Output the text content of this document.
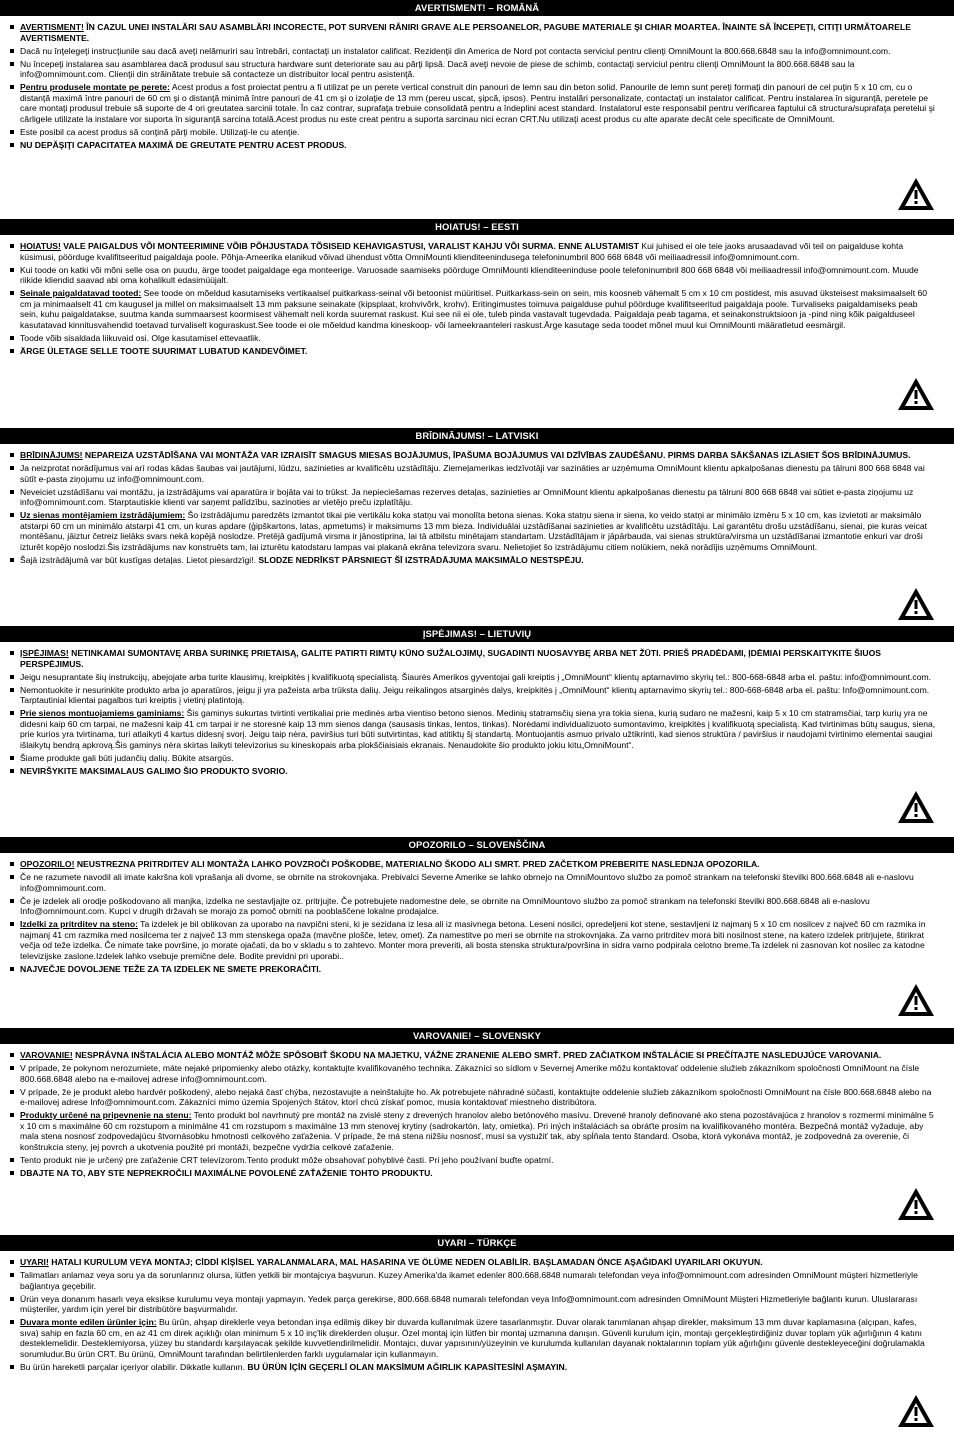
AVERTISMENT! – ROMÂNĂ
AVERTISMENT! ÎN CAZUL UNEI INSTALĂRI SAU ASAMBLĂRI INCORECTE, POT SURVENI RĂNIRI GRAVE ALE PERSOANELOR, PAGUBE MATERIALE ŞI CHIAR MOARTEA. ÎNAINTE SĂ ÎNCEPEŢI, CITIŢI URMĂTOARELE AVERTISMENTE.
Dacă nu înţelegeţi instrucţiunile sau dacă aveţi nelămuriri sau întrebări, contactaţi un instalator calificat. Rezidenţii din America de Nord pot contacta serviciul pentru clienţi OmniMount la 800.668.6848 sau la info@omnimount.com.
Nu începeţi instalarea sau asamblarea dacă produsul sau structura hardware sunt deteriorate sau au părţi lipsă. Dacă aveţi nevoie de piese de schimb, contactaţi serviciul pentru clienţi OmniMount la 800.668.6848 sau la info@omnimount.com. Clienţii din străinătate trebuie să contacteze un distribuitor local pentru asistenţă.
Pentru produsele montate pe perete: Acest produs a fost proiectat pentru a fi utilizat pe un perete vertical construit din panouri de lemn sau din beton solid. Panourile de lemn sunt pereţi formaţi din panouri de cel puţin 5 x 10 cm, cu o distanţă maximă între panouri de 60 cm şi o distanţă minimă între panouri de 41 cm şi o izolaţie de 13 mm (pereu uscat, şipcă, ipsos). Pentru instalări personalizate, contactaţi un instalator calificat. Pentru instalarea în siguranţă, peretele pe care montaţi produsul trebuie să suporte de 4 ori greutatea sarcinii totale. În caz contrar, suprafaţa trebuie consolidată pentru a îndeplini acest standard. Instalatorul este responsabil pentru verificarea faptului că structura/suprafaţa peretelui şi cârligele utilizate la instalare vor suporta în siguranţă sarcina totală.Acest produs nu este creat pentru a suporta sarcinau nici ecran CRT.Nu utilizaţi acest produs cu alte aparate decât cele specificate de OmniMount.
Este posibil ca acest produs să conţină părţi mobile. Utilizaţi-le cu atenţie.
NU DEPĂŞIŢI CAPACITATEA MAXIMĂ DE GREUTATE PENTRU ACEST PRODUS.
HOIATUS! – EESTI
HOIATUS! VALE PAIGALDUS VÕI MONTEERIMINE VÕIB PÕHJUSTADA TÕSISEID KEHAVIGASTUSI, VARALIST KAHJU VÕI SURMA. ENNE ALUSTAMIST Kui juhised ei ole teie jaoks arusaadavad või teil on paigalduse kohta küsimusi, pöörduge kvalifitseeritud paigaldaja poole. Põhja-Ameerika elanikud võivad ühendust võtta OmniMounti klienditeenindusega telefoninumbril 800 668 6848 või meiliaadressil info@omnimount.com.
Kui toode on katki või mõni selle osa on puudu, ärge toodet paigaldage ega monteerige. Varuosade saamiseks pöörduge OmniMounti klienditeeninduse poole telefoninumbril 800 668 6848 või meiliaadressil info@omnimount.com. Muude riikide kliendid saavad abi oma kohalikult edasimüüjalt.
Seinale paigaldatavad tooted: See toode on mõeldud kasutamiseks vertikaalsel puitkarkass-seinal või betoonist müüritisel. Puitkarkass-sein on sein, mis koosneb vähemalt 5 cm x 10 cm postidest, mis asuvad üksteisest maksimaalselt 60 cm ja minimaalselt 41 cm kaugusel ja millel on maksimaalselt 13 mm paksune seinakate (kipsplaat, krohvivõrk, krohv). Eritingimustes toimuva paigalduse puhul pöörduge kvalifitseeritud paigaldaja poole. Turvaliseks paigaldamiseks peab sein, kuhu paigaldatakse, suutma kanda summaarsest koormisest vähemalt neli korda suuremat raskust. Kui see nii ei ole, tuleb pinda vastavalt tugevdada. Paigaldaja peab tagama, et seinakonstruktsioon ja -pind ning kõik paigalduseel kasutatavad kinnitusvahendid toetavad turvaliselt koguraskust.See toode ei ole mõeldud kandma kineskoop- või lameekraanteleri raskust.Ärge kasutage seda toodet mõnel muul kui OmniMounti määratletud eesmärgil.
Toode võib sisaldada liikuvaid osi. Olge kasutamisel ettevaatlik.
ÄRGE ÜLETAGE SELLE TOOTE SUURIMAT LUBATUD KANDEVÕIMET.
BRĪDINĀJUMS! – LATVISKI
BRĪDINĀJUMS! NEPAREIZA UZSTĀDĪŠANA VAI MONTĀŽA VAR IZRAISĪT SMAGUS MIESAS BOJĀJUMUS, ĪPAŠUMA BOJĀJUMUS VAI DZĪVĪBAS ZAUDĒŠANU. PIRMS DARBA SĀKŠANAS IZLASIET ŠOS BRĪDINĀJUMUS.
Ja neizprotat norādījumus vai arī rodas kādas šaubas vai jautājumi, lūdzu, sazinieties ar kvalificētu uzstādītāju. Ziemeļamerikas iedzīvotāji var sazināties ar uzņēmuma OmniMount klientu apkalpošanas dienestu pa tālruni 800 668 6848 vai sūtīt e-pasta ziņojumu uz info@omnimount.com.
Neveiciet uzstādīšanu vai montāžu, ja izstrādājums vai aparatūra ir bojāta vai to trūkst. Ja nepieciešamas rezerves detaļas, sazinieties ar OmniMount klientu apkalpošanas dienestu pa tālruni 800 668 6848 vai sūtiet e-pasta ziņojumu uz info@omnimount.com. Starptautiskie klienti var saņemt palīdzību, sazinoties ar vietējo preču izplatītāju.
Uz sienas montējamiem izstrādājumiem: Šo izstrādājumu paredzēts izmantot tikai pie vertikālu koka statņu vai monolīta betona sienas. Koka statņu siena ir siena, ko veido statņi ar minimālo izmēru 5 x 10 cm, kas izvietoti ar maksimālo atstarpi 60 cm un minimālo atstarpi 41 cm, un kuras apdare (ģipškartons, latas, apmetums) ir maksimums 13 mm bieza. Individuālai uzstādīšanai sazinieties ar kvalificētu uzstādītāju. Lai garantētu drošu uzstādīšanu, sienai, pie kuras veicat montēšanu, jāiztur četreiz lielāks svars nekā kopējā noslodze. Pretējā gadījumā virsma ir jānostiprina, lai tā atbilstu minētajam standartam. Uzstādītājam ir jāpārbauda, vai sienas struktūra/virsma un uzstādīšanai izmantotie enkuri var droši izturēt kopējo noslodzi.Šis izstrādājums nav konstruēts tam, lai izturētu katodstaru lampas vai plakanā ekrāna televizora svaru. Nelietojiet šo izstrādājumu citiem nolūkiem, nekā norādījis uzņēmums OmniMount.
Šajā izstrādājumā var būt kustīgas detaļas. Lietot piesardzīgi!. SLODZE NEDRĪKST PĀRSNIEGT ŠĪ IZSTRĀDĀJUMA MAKSIMĀLO NESTSPĒJU.
ĮSPĖJIMAS! – LIETUVIŲ
ĮSPĖJIMAS! NETINKAMAI SUMONTAVĘ ARBA SURINKĘ PRIETAISĄ, GALITE PATIRTI RIMTŲ KŪNO SUŽALOJIMŲ, SUGADINTI NUOSAVYBĘ ARBA NET ŽŪTI. PRIEŠ PRADĖDAMI, ĮDĖMIAI PERSKAITYKITE ŠIUOS PERSPĖJIMUS.
Jeigu nesuprantate šių instrukcijų, abejojate arba turite klausimų, kreipkitės į kvalifikuotą specialistą. Šiaurės Amerikos gyventojai gali kreiptis į „OmniMount“ klientų aptarnavimo skyrių tel.: 800-668-6848 arba el. paštu: info@omnimount.com.
Nemontuokite ir nesurinkite produkto arba jo aparatūros, jeigu ji yra pažeista arba trūksta dalių. Jeigu reikalingos atsarginės dalys, kreipkitės į „OmniMount“ klientų aptarnavimo skyrių tel.: 800-668-6848 arba el. paštu: Info@omnimount.com. Tarptautiniai klientai pagalbos turi kreiptis į vietinį platintoją.
Prie sienos montuojamiems gaminiams: Šis gaminys sukurtas tvirtinti vertikaliai prie medinės arba vientiso betono sienos. Medinių statramsčių siena yra tokia siena, kurią sudaro ne mažesni, kaip 5 x 10 cm statramsčiai, tarp kurių yra ne didesni kaip 60 cm tarpai, ne mažesni kaip 41 cm tarpai ir ne storesnė kaip 13 mm sienos danga (sausasis tinkas, lentos, tinkas). Norėdami individualizuoto sumontavimo, kreipkitės į kvalifikuotą specialistą. Kad tvirtinimas būtų saugus, siena, prie kurios yra tvirtinama, turi atlaikyti 4 kartus didesnį svorį. Jeigu taip nėra, paviršius turi būti sutvirtintas, kad atitiktų šį standartą. Montuojantis asmuo privalo užtikrinti, kad sienos struktūra / paviršius ir naudojami tvirtinimo elementai saugiai išlaikytų bendrą apkrovą.Šis gaminys nėra skirtas laikyti televizorius su kineskopais arba plokščiaisiais ekranais. Nenaudokite šio produkto jokiu kitu„OmniMount“.
Šiame produkte gali būti judančių dalių. Būkite atsargūs.
NEVIRŠYKITE MAKSIMALAUS GALIMO ŠIO PRODUKTO SVORIO.
OPOZORILO – SLOVENŠČINA
OPOZORILO! NEUSTREZNA PRITRDITEV ALI MONTAŽA LAHKO POVZROČI POŠKODBE, MATERIALNO ŠKODO ALI SMRT. PRED ZAČETKOM PREBERITE NASLEDNJA OPOZORILA.
Če ne razumete navodil ali imate kakršna koli vprašanja ali dvome, se obrnite na strokovnjaka. Prebivalci Severne Amerike se lahko obrnejo na OmniMountovo službo za pomoč strankam na telefonski številki 800.668.6848 ali e-naslovu info@omnimount.com.
Če je izdelek ali orodje poškodovano ali manjka, izdelka ne sestavljajte oz. pritrjujte. Če potrebujete nadomestne dele, se obrnite na OmniMountovo službo za pomoč strankam na telefonski številki 800.668.6848 ali e-naslovu Info@omnimount.com. Kupci v drugih državah se morajo za pomoč obrniti na poobla​ščene lokalne prodajalce.
Izdelki za pritrditev na steno: Ta izdelek je bil oblikovan za uporabo na navpični steni, ki je sezidana iz lesa ali iz masivnega betona. Leseni nosilci, opredeljeni kot stene, sestavljeni iz najmanj 5 x 10 cm nosilcev z največ 60 cm razmika in najmanj 41 cm razmika med nosilcema ter z največ 13 mm stenskega opaža (mavčne plošče, letev, omet). Za namestitve po meri se obrnite na strokovnjaka. Za varno pritrditev mora biti nosilnost stene, na katero izdelek pritrjujete, štirikrat večja od teže izdelka. Če nimate take površine, jo morate ojačati, da bo v skladu s to zahtevo. Monter mora preveriti, ali bosta stenska struktura/površina in sidra varno podpirala celotno breme.Ta izdelek ni zasnovan kot nosilec za katodne televizijske zaslone.Izdelek lahko vsebuje premične dele. Bodite previdni pri uporabi..
NAJVEČJE DOVOLJENE TEŽE ZA TA IZDELEK NE SMETE PREKORAČITI.
VAROVANIE! – SLOVENSKY
VAROVANIE! NESPRÁVNA INŠTALÁCIA ALEBO MONTÁŽ MÔŽE SPÔSOBIŤ ŠKODU NA MAJETKU, VÁŽNE ZRANENIE ALEBO SMRŤ. PRED ZAČIATKOM INŠTALÁCIE SI PREČÍTAJTE NASLEDUJÚCE VAROVANIA.
V prípade, že pokynom nerozumiete, máte nejaké pripomienky alebo otázky, kontaktujte kvalifikovaného technika. Zákazníci so sídlom v Severnej Amerike môžu kontaktovať oddelenie služieb zákazníkom spoločnosti OmniMount na čísle 800.668.6848 alebo na e-mailovej adrese info@omnimount.com.
V prípade, že je produkt alebo hardvér poškodený, alebo nejaká časť chýba, nezostavujte a neinštalujte ho. Ak potrebujete náhradné súčasti, kontaktujte oddelenie služieb zákazníkom spoločnosti OmniMount na čísle 800.668.6848 alebo na e-mailovej adrese Info@omnimount.com. Zákazníci mimo územia Spojených štátov, ktorí chcú získať pomoc, musia kontaktovať miestneho distribútora.
Produkty určené na pripevnenie na stenu: Tento produkt bol navrhnutý pre montáž na zvislé steny z drevených hranolov alebo betónového masívu. Drevené hranoly definované ako stena pozostávajúca z hranolov s rozmermi minimálne 5 x 10 cm s maximálne 60 cm rozstupom a minimálne 41 cm rozstupom s maximálne 13 mm stenovej krytiny (sadrokartón, laty, omietka). Pri iných inštaláciách sa obráťte prosím na kvalifikovaného montéra. Bezpečná montáž vyžaduje, aby mala stena nosnosť zodpovedajúcu štvornásobku hmotnosti celkového zaťaženia. V prípade, že má stena nižšiu nosnosť, musí sa vystužiť tak, aby spĺňala tento štandard. Osoba, ktorá vykonáva montáž, je zodpovedná za overenie, či konštrukcia steny, jej povrch a ukotvenia použité pri montáži, bezpečne vydržia celkové zaťaženie.
Tento produkt nie je určený pre zaťaženie CRT televízorom.Tento produkt môže obsahovať pohyblivé časti. Pri jeho používaní buďte opatrní.
DBAJTE NA TO, ABY STE NEPREKROČILI MAXIMÁLNE POVOLENÉ ZAŤAŽENIE TOHTO PRODUKTU.
UYARI – TÜRKÇE
UYARI! HATALI KURULUM VEYA MONTAJ; CİDDİ KİŞİSEL YARALANMALARA, MAL HASARINA VE ÖLÜME NEDEN OLABİLİR. BAŞLAMADAN ÖNCE AŞAĞIDAKİ UYARILARI OKUYUN.
Talimatları anlamaz veya soru ya da sorunlarınız olursa, lütfen yetkili bir montajcıya başvurun. Kuzey Amerika'da ikamet edenler 800.668.6848 numaralı telefondan veya info@omnimount.com adresinden OmniMount müşteri hizmetleriyle bağlantıya geçebilir.
Ürün veya donanım hasarlı veya eksikse kurulumu veya montajı yapmayın. Yedek parça gerekirse, 800.668.6848 numaralı telefondan veya Info@omnimount.com adresinden OmniMount Müşteri Hizmetleriyle bağlantı kurun. Uluslararası müşteriler, yardım için yerel bir distribütöre başvurmalıdır.
Duvara monte edilen ürünler için: Bu ürün, ahşap direklerle veya betondan inşa edilmiş dikey bir duvarda kullanılmak üzere tasarlanmıştır. Duvar olarak tanımlanan ahşap direkler, maksimum 13 mm duvar kaplamasına (alçıpan, kafes, sıva) sahip en fazla 60 cm, en az 41 cm direk açıklığı olan minimum 5 x 10 inç'lik direklerden oluşur. Özel montaj için lütfen bir montaj uzmanına danışın. Güvenli kurulum için, montajı gerçekleştirdiğiniz duvar toplam yük ağırlığının 4 katını desteklemelidir. Desteklemiyorsa, yüzey bu standardı karşılayacak şekilde kuvvetlendirilmelidir. Montajcı, duvar yapısının/yüzeyinin ve kurulumda kullanılan dayanak noktalarının toplam yük ağırlığını güvenle destekleyeceğini doğrulamakla sorumludur.Bu ürün CRT. Bu ürünü, OmniMount tarafından belirtilenlerden farklı uygulamalar için kullanmayın.
Bu ürün hareketli parçalar içeriyor olabilir. Dikkatle kullanın. BU ÜRÜN İÇİN GEÇERLİ OLAN MAKSİMUM AĞIRLIK KAPASİTESİNİ AŞMAYIN.
